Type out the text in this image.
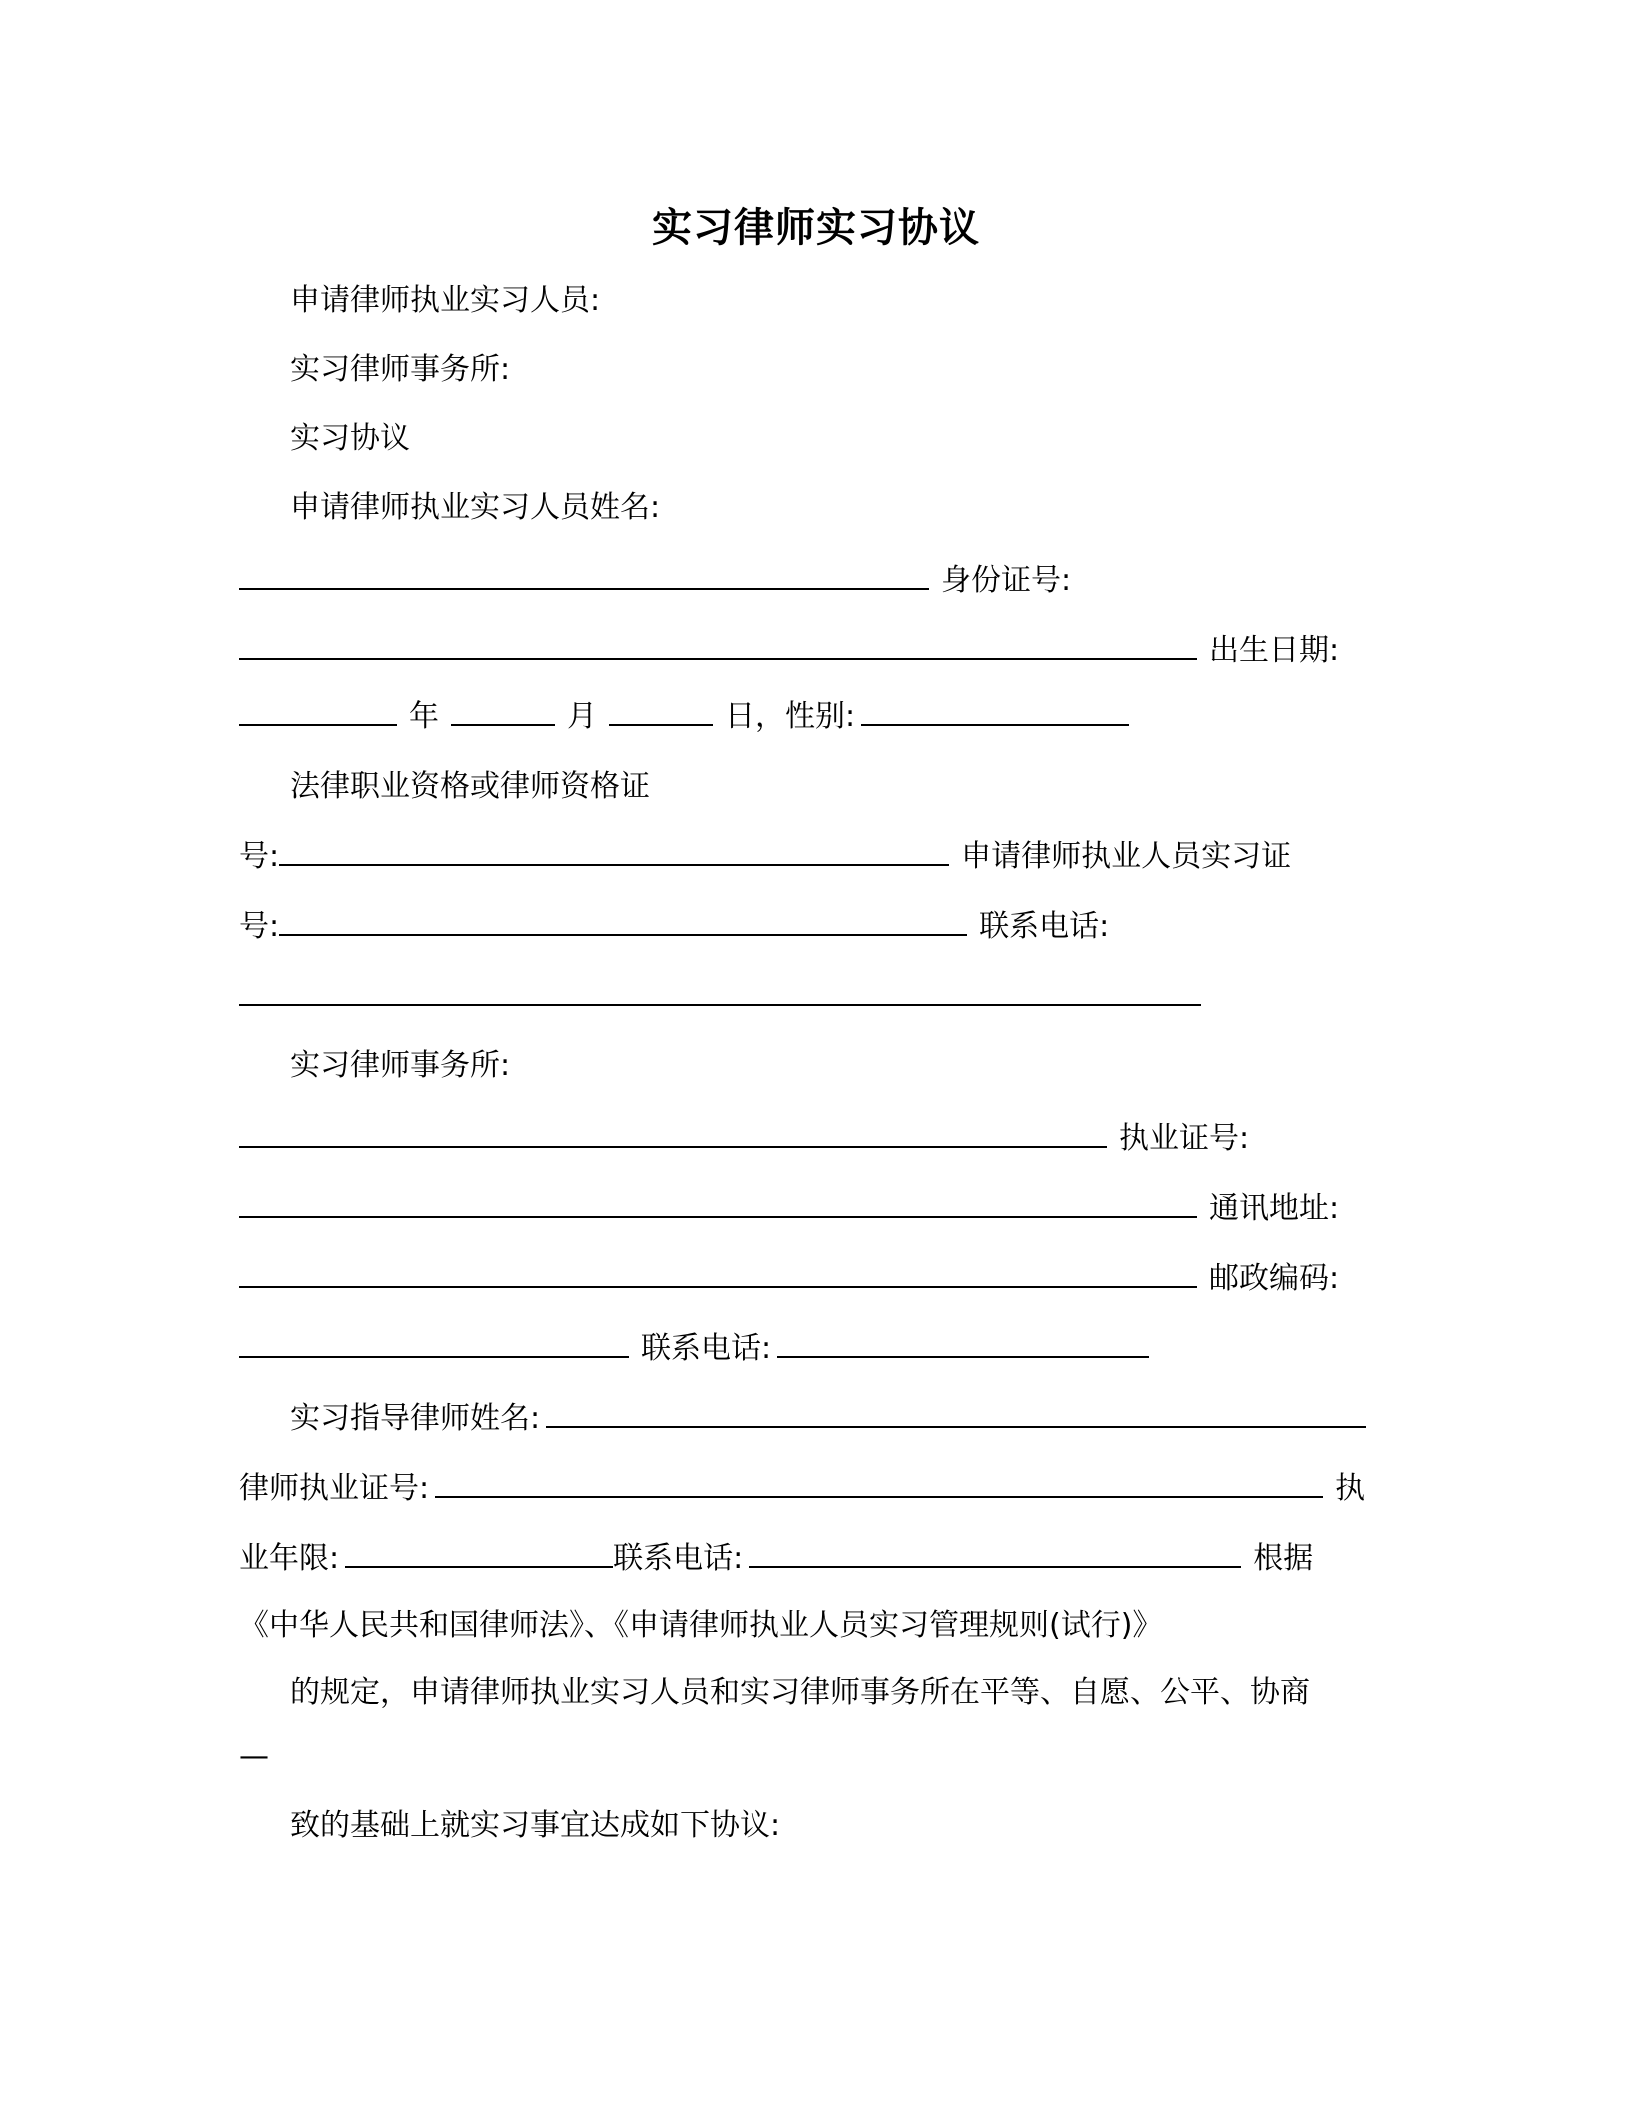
实习律师实习协议
申请律师执业实习人员:
实习律师事务所:
实习协议
申请律师执业实习人员姓名:
身份证号:
出生日期:
年	月	日，性别:
法律职业资格或律师资格证
号:	申请律师执业人员实习证
号:	联系电话:
实习律师事务所:
执业证号:
通讯地址:
邮政编码:
联系电话:
实习指导律师姓名:
律师执业证号:	执
业年限:	联系电话:	根据
《中华人民共和国律师法》、《申请律师执业人员实习管理规则(试行)》
的规定，申请律师执业实习人员和实习律师事务所在平等、自愿、公平、协商
—
致的基础上就实习事宜达成如下协议:
